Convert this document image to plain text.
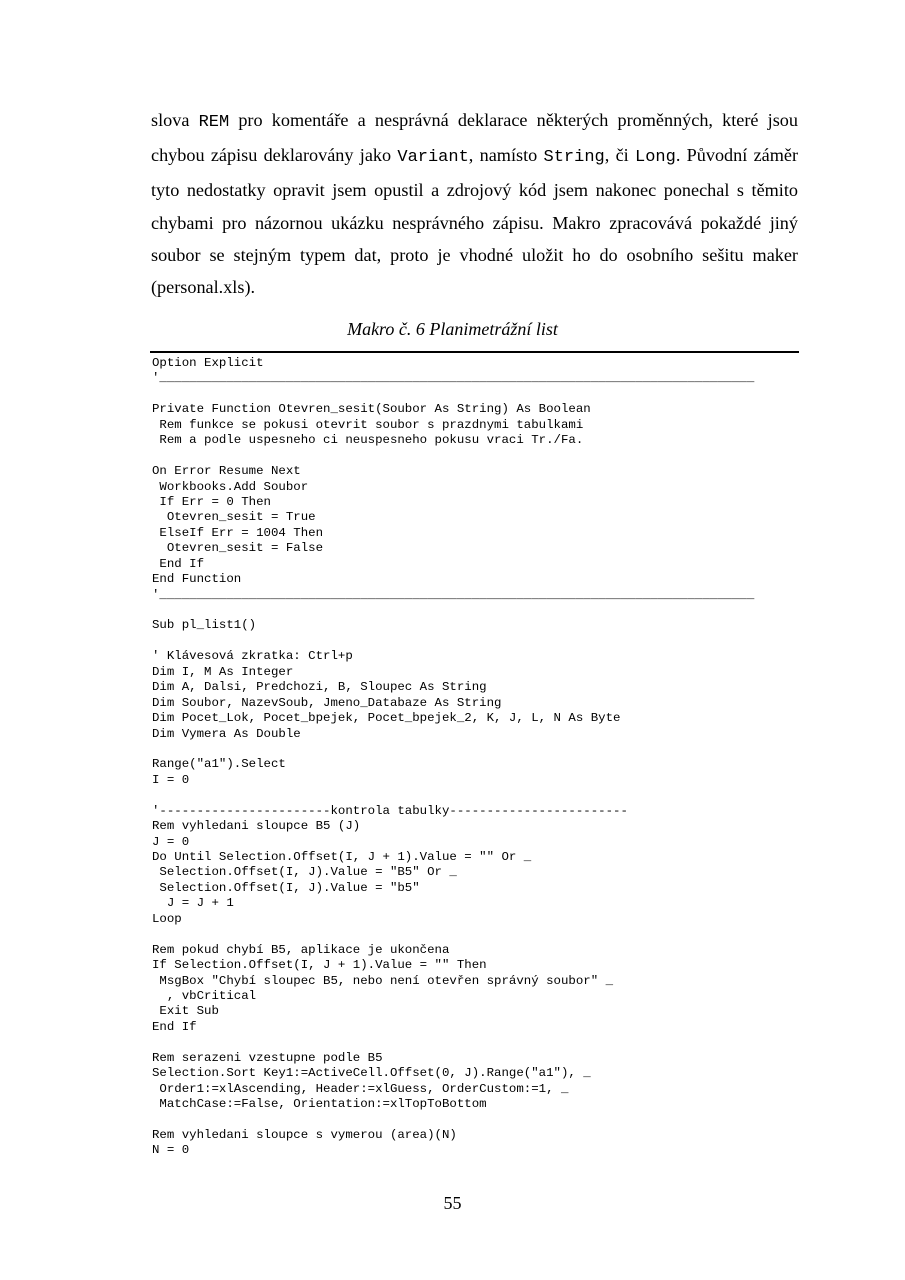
slova REM pro komentáře a nesprávná deklarace některých proměnných, které jsou chybou zápisu deklarovány jako Variant, namísto String, či Long. Původní záměr tyto nedostatky opravit jsem opustil a zdrojový kód jsem nakonec ponechal s těmito chybami pro názornou ukázku nesprávného zápisu. Makro zpracovává pokaždé jiný soubor se stejným typem dat, proto je vhodné uložit ho do osobního sešitu maker (personal.xls).

Makro č. 6 Planimetrážní list

Option Explicit
'________________________________________________________________________________
Private Function Otevren_sesit(Soubor As String) As Boolean
Rem funkce se pokusi otevrit soubor s prazdnymi tabulkami
Rem a podle uspesneho ci neuspesneho pokusu vraci Tr./Fa.
On Error Resume Next
Workbooks.Add Soubor
If Err = 0 Then
Otevren_sesit = True
ElseIf Err = 1004 Then
Otevren_sesit = False
End If
End Function
'________________________________________________________________________________
Sub pl_list1()
' Klávesová zkratka: Ctrl+p
Dim I, M As Integer
Dim A, Dalsi, Predchozi, B, Sloupec As String
Dim Soubor, NazevSoub, Jmeno_Databaze As String
Dim Pocet_Lok, Pocet_bpejek, Pocet_bpejek_2, K, J, L, N As Byte
Dim Vymera As Double
Range("a1").Select
I = 0
'-----------------------kontrola tabulky------------------------
Rem vyhledani sloupce B5 (J)
J = 0
Do Until Selection.Offset(I, J + 1).Value = "" Or _
Selection.Offset(I, J).Value = "B5" Or _
Selection.Offset(I, J).Value = "b5"
J = J + 1
Loop
Rem pokud chybí B5, aplikace je ukončena
If Selection.Offset(I, J + 1).Value = "" Then
MsgBox "Chybí sloupec B5, nebo není otevřen správný soubor" _
, vbCritical
Exit Sub
End If
Rem serazeni vzestupne podle B5
Selection.Sort Key1:=ActiveCell.Offset(0, J).Range("a1"), _
Order1:=xlAscending, Header:=xlGuess, OrderCustom:=1, _
MatchCase:=False, Orientation:=xlTopToBottom
Rem vyhledani sloupce s vymerou (area)(N)
N = 0

55
